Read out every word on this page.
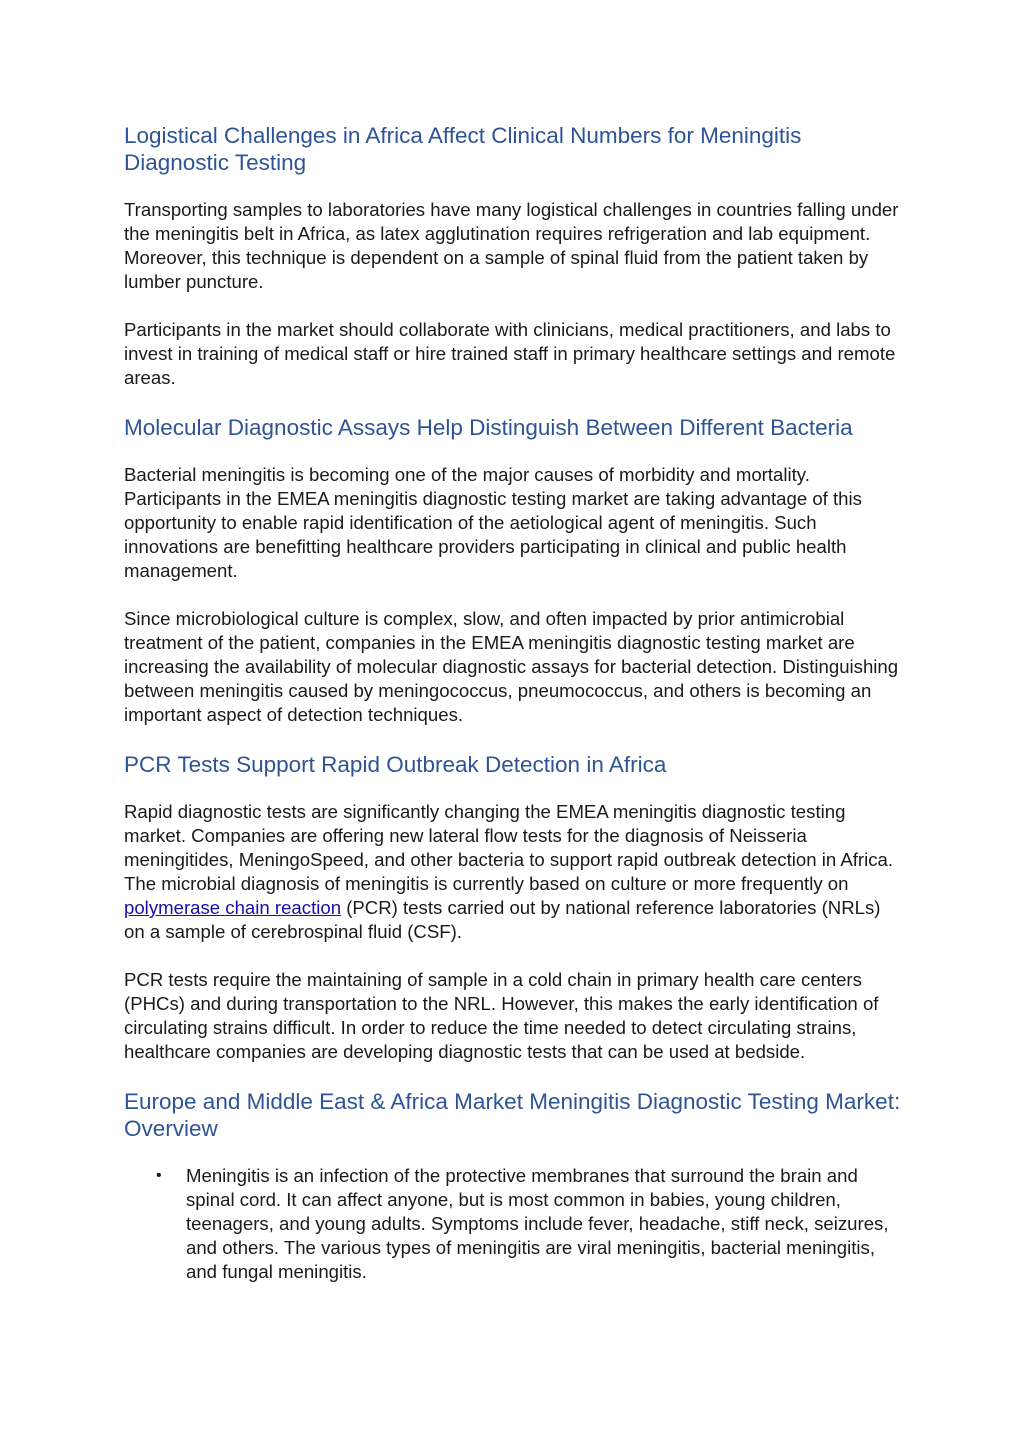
Logistical Challenges in Africa Affect Clinical Numbers for Meningitis Diagnostic Testing

Transporting samples to laboratories have many logistical challenges in countries falling under the meningitis belt in Africa, as latex agglutination requires refrigeration and lab equipment. Moreover, this technique is dependent on a sample of spinal fluid from the patient taken by lumber puncture.

Participants in the market should collaborate with clinicians, medical practitioners, and labs to invest in training of medical staff or hire trained staff in primary healthcare settings and remote areas.

Molecular Diagnostic Assays Help Distinguish Between Different Bacteria

Bacterial meningitis is becoming one of the major causes of morbidity and mortality. Participants in the EMEA meningitis diagnostic testing market are taking advantage of this opportunity to enable rapid identification of the aetiological agent of meningitis. Such innovations are benefitting healthcare providers participating in clinical and public health management.

Since microbiological culture is complex, slow, and often impacted by prior antimicrobial treatment of the patient, companies in the EMEA meningitis diagnostic testing market are increasing the availability of molecular diagnostic assays for bacterial detection. Distinguishing between meningitis caused by meningococcus, pneumococcus, and others is becoming an important aspect of detection techniques.

PCR Tests Support Rapid Outbreak Detection in Africa

Rapid diagnostic tests are significantly changing the EMEA meningitis diagnostic testing market. Companies are offering new lateral flow tests for the diagnosis of Neisseria meningitides, MeningoSpeed, and other bacteria to support rapid outbreak detection in Africa. The microbial diagnosis of meningitis is currently based on culture or more frequently on polymerase chain reaction (PCR) tests carried out by national reference laboratories (NRLs) on a sample of cerebrospinal fluid (CSF).

PCR tests require the maintaining of sample in a cold chain in primary health care centers (PHCs) and during transportation to the NRL. However, this makes the early identification of circulating strains difficult. In order to reduce the time needed to detect circulating strains, healthcare companies are developing diagnostic tests that can be used at bedside.

Europe and Middle East & Africa Market Meningitis Diagnostic Testing Market: Overview
• Meningitis is an infection of the protective membranes that surround the brain and spinal cord. It can affect anyone, but is most common in babies, young children, teenagers, and young adults. Symptoms include fever, headache, stiff neck, seizures, and others. The various types of meningitis are viral meningitis, bacterial meningitis, and fungal meningitis.
